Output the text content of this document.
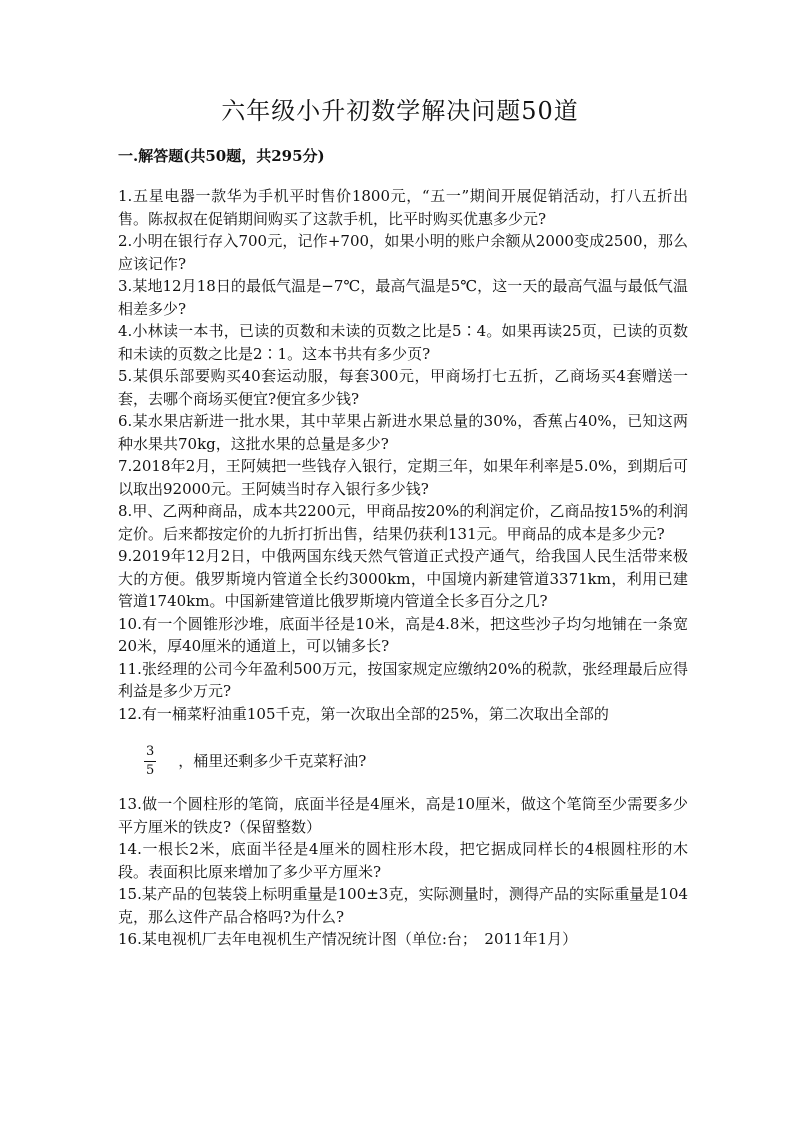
六年级小升初数学解决问题50道
一.解答题(共50题，共295分)

1.五星电器一款华为手机平时售价1800元，“五一”期间开展促销活动，打八五折出售。陈叔叔在促销期间购买了这款手机，比平时购买优惠多少元?

2.小明在银行存入700元，记作+700，如果小明的账户余额从2000变成2500，那么应该记作?

3.某地12月18日的最低气温是−7℃，最高气温是5℃，这一天的最高气温与最低气温相差多少?

4.小林读一本书，已读的页数和未读的页数之比是5∶4。如果再读25页，已读的页数和未读的页数之比是2∶1。这本书共有多少页?

5.某俱乐部要购买40套运动服，每套300元，甲商场打七五折，乙商场买4套赠送一套，去哪个商场买便宜?便宜多少钱?

6.某水果店新进一批水果，其中苹果占新进水果总量的30%，香蕉占40%，已知这两种水果共70kg，这批水果的总量是多少?

7.2018年2月，王阿姨把一些钱存入银行，定期三年，如果年利率是5.0%，到期后可以取出92000元。王阿姨当时存入银行多少钱?

8.甲、乙两种商品，成本共2200元，甲商品按20%的利润定价，乙商品按15%的利润定价。后来都按定价的九折打折出售，结果仍获利131元。甲商品的成本是多少元?

9.2019年12月2日，中俄两国东线天然气管道正式投产通气，给我国人民生活带来极大的方便。俄罗斯境内管道全长约3000km，中国境内新建管道3371km，利用已建管道1740km。中国新建管道比俄罗斯境内管道全长多百分之几?

10.有一个圆锥形沙堆，底面半径是10米，高是4.8米，把这些沙子均匀地铺在一条宽20米，厚40厘米的通道上，可以铺多长?

11.张经理的公司今年盈利500万元，按国家规定应缴纳20%的税款，张经理最后应得利益是多少万元?

12.有一桶菜籽油重105千克，第一次取出全部的25%，第二次取出全部的

$\frac{3}{5}$ ，桶里还剩多少千克菜籽油?

13.做一个圆柱形的笔筒，底面半径是4厘米，高是10厘米，做这个笔筒至少需要多少平方厘米的铁皮?（保留整数）

14.一根长2米，底面半径是4厘米的圆柱形木段，把它据成同样长的4根圆柱形的木段。表面积比原来增加了多少平方厘米?

15.某产品的包装袋上标明重量是100±3克，实际测量时，测得产品的实际重量是104克，那么这件产品合格吗?为什么?

16.某电视机厂去年电视机生产情况统计图（单位:台；　2011年1月）
